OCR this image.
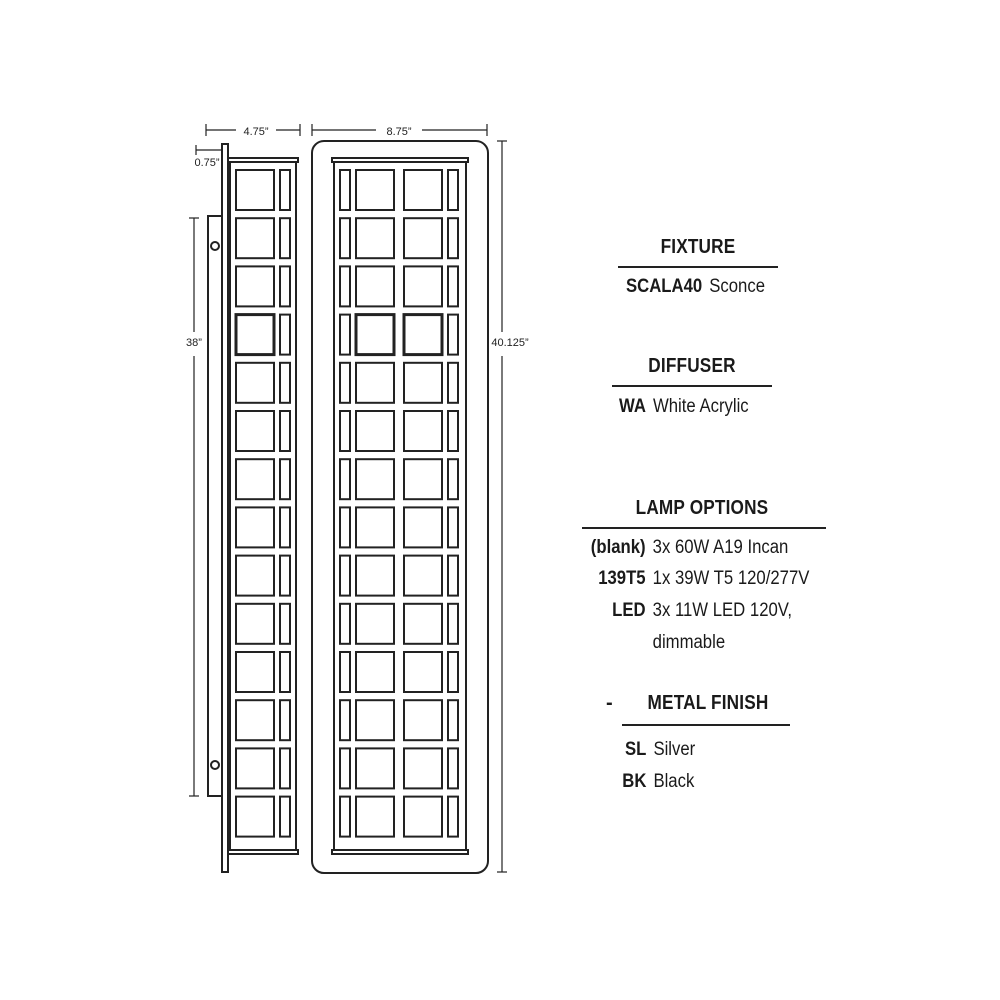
4.75”	8.75”
0.75”
38”	40.125”
FIXTURE
SCALA40 Sconce
DIFFUSER
WA White Acrylic
LAMP OPTIONS
(blank) 3x 60W A19 Incan
139T5 1x 39W T5 120/277V
LED 3x 11W LED 120V,
dimmable
-	METAL FINISH
SL Silver
BK Black
